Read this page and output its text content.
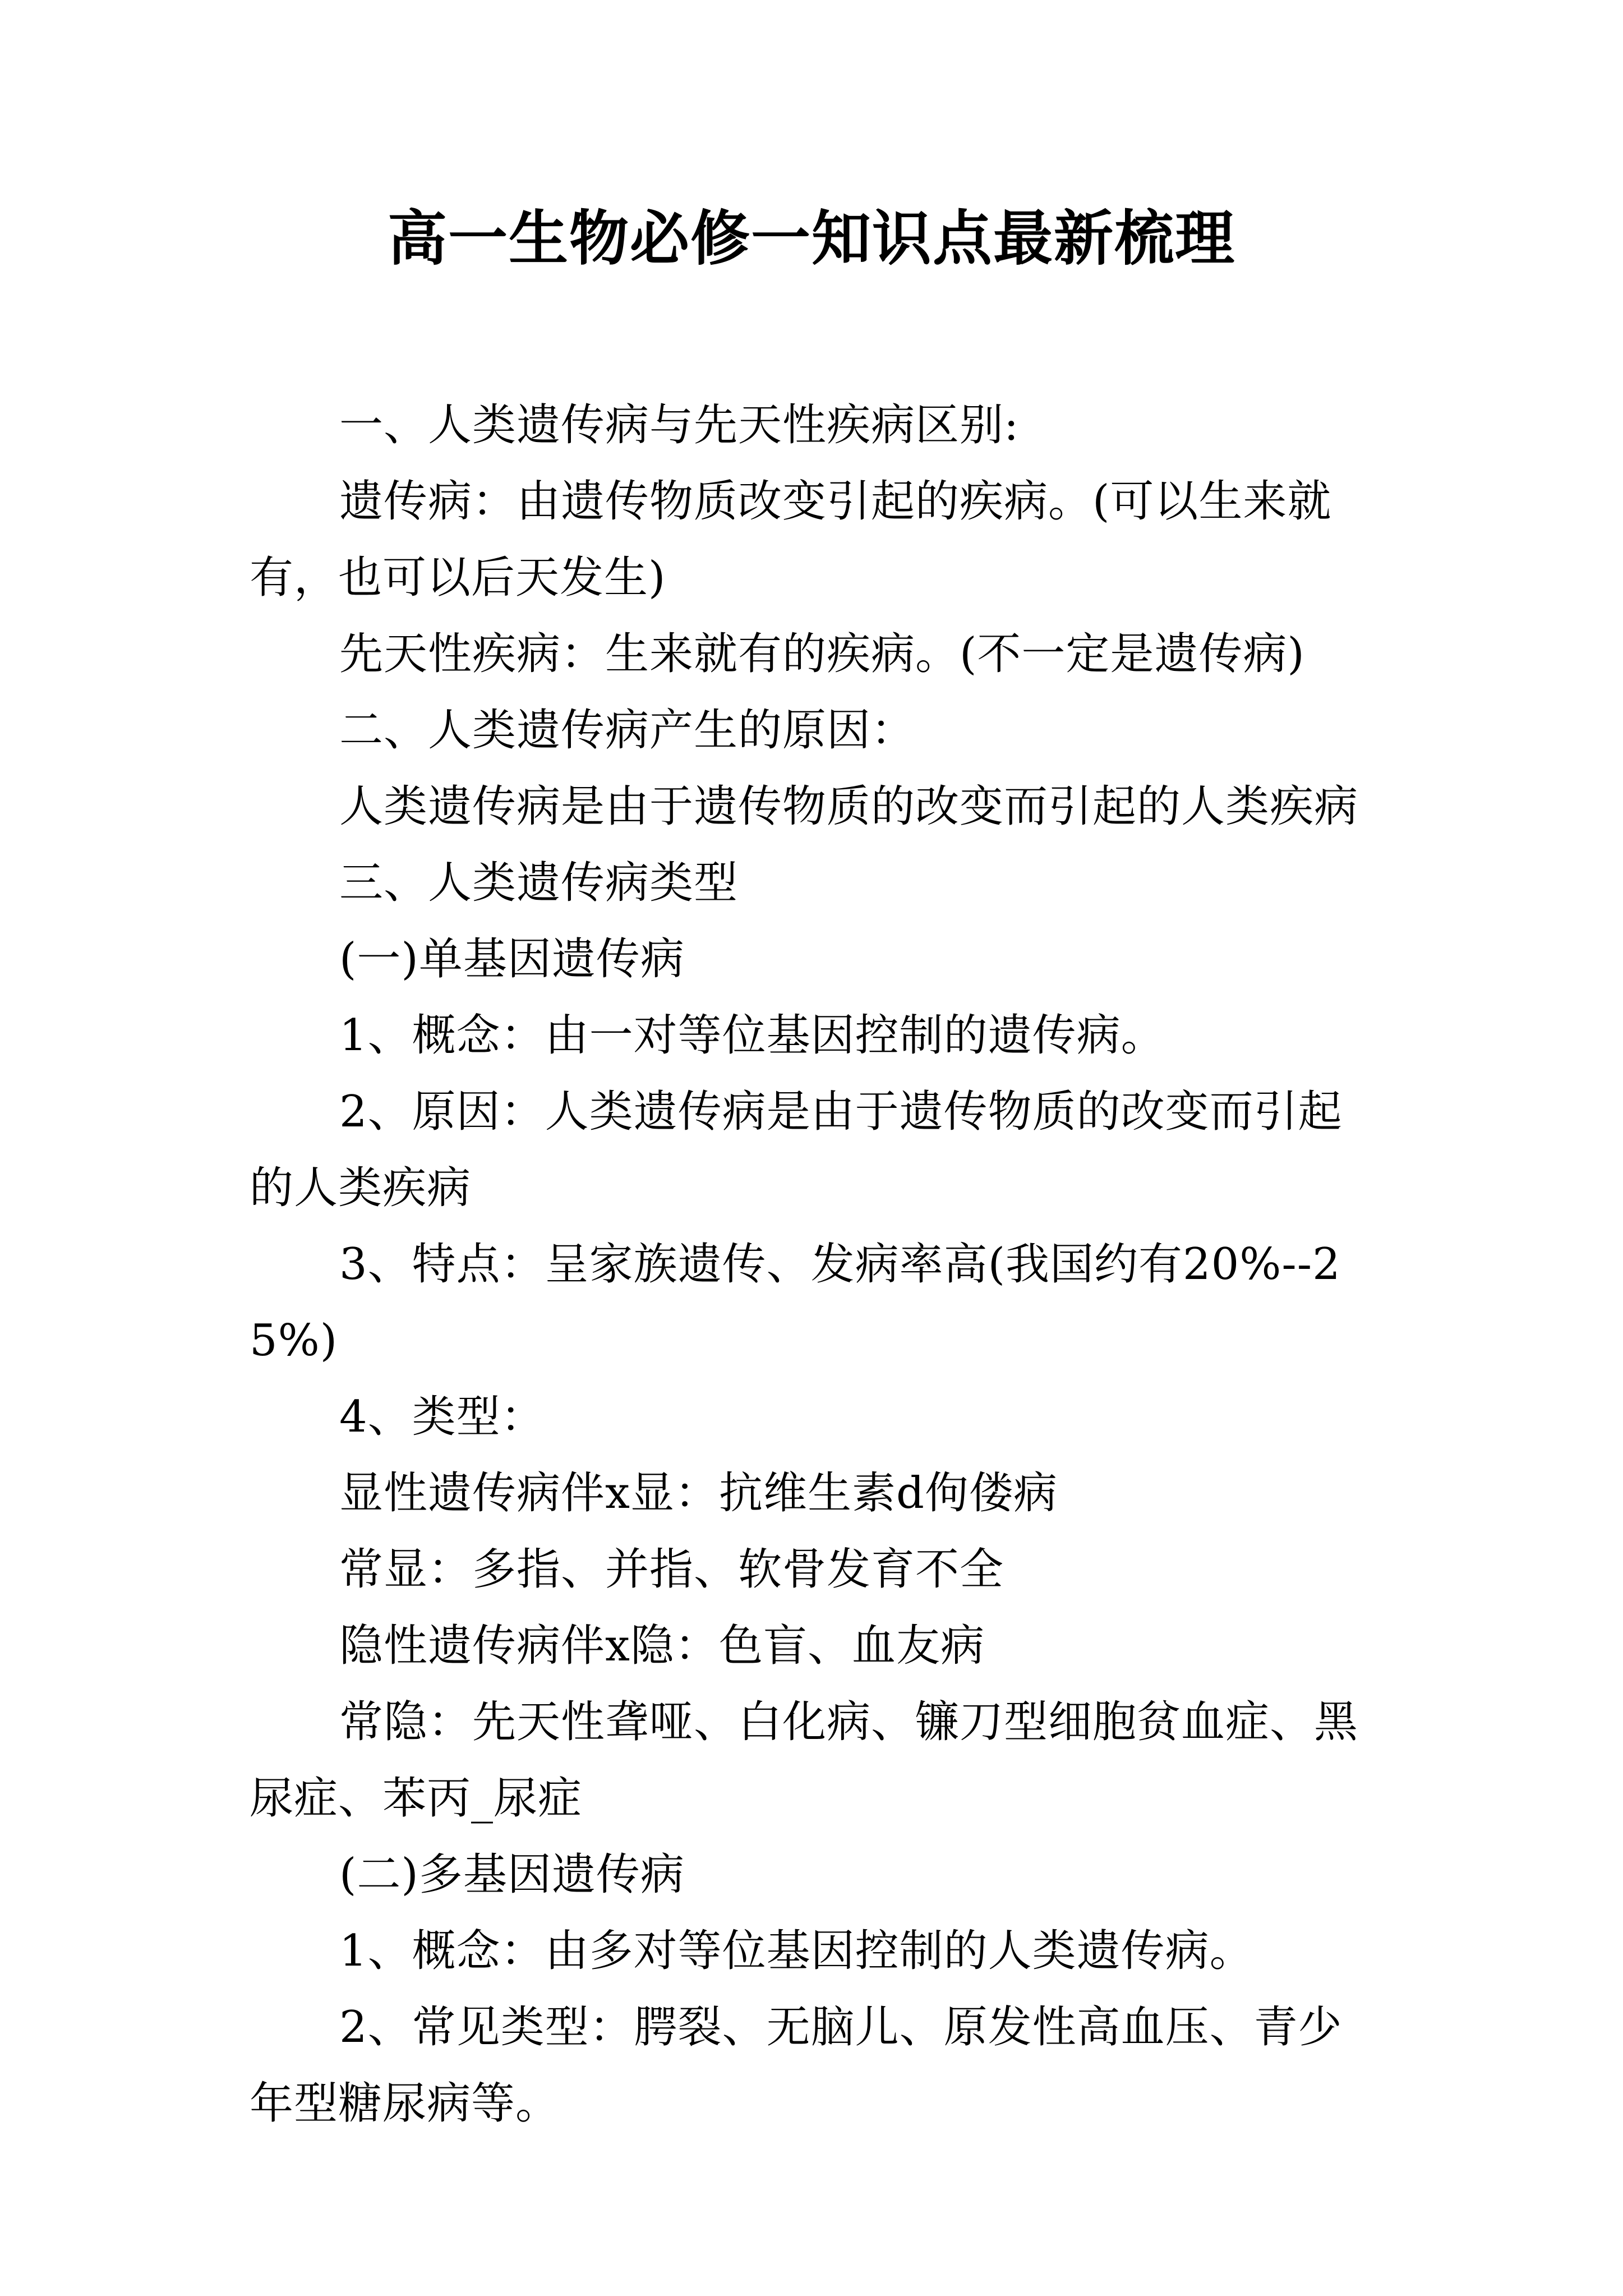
高一生物必修一知识点最新梳理

一、人类遗传病与先天性疾病区别:

遗传病：由遗传物质改变引起的疾病。(可以生来就有，也可以后天发生)

先天性疾病：生来就有的疾病。(不一定是遗传病)

二、人类遗传病产生的原因：

人类遗传病是由于遗传物质的改变而引起的人类疾病

三、人类遗传病类型

(一)单基因遗传病

1、概念：由一对等位基因控制的遗传病。

2、原因：人类遗传病是由于遗传物质的改变而引起的人类疾病

3、特点：呈家族遗传、发病率高(我国约有20%--25%)

4、类型：

显性遗传病伴x显：抗维生素d佝偻病

常显：多指、并指、软骨发育不全

隐性遗传病伴x隐：色盲、血友病

常隐：先天性聋哑、白化病、镰刀型细胞贫血症、黑尿症、苯丙_尿症

(二)多基因遗传病

1、概念：由多对等位基因控制的人类遗传病。

2、常见类型：腭裂、无脑儿、原发性高血压、青少年型糖尿病等。
